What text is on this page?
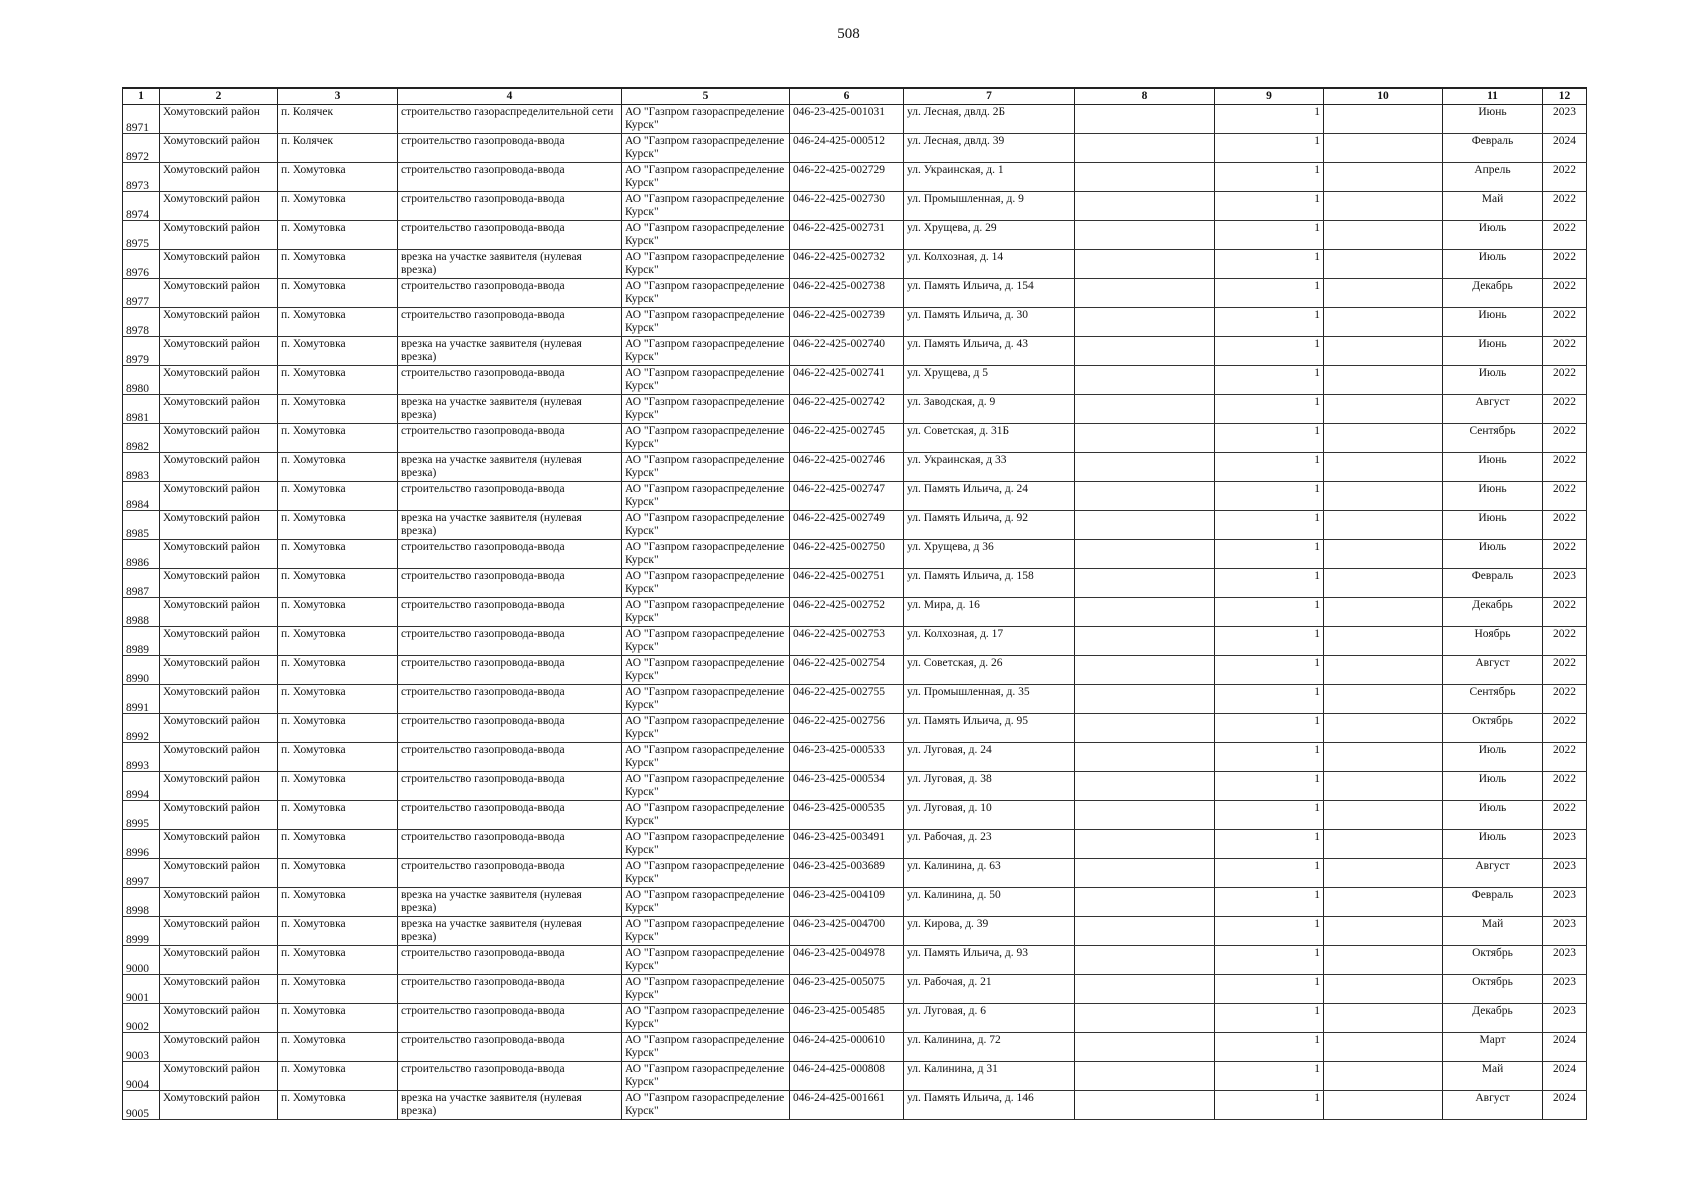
508
1	2	3	4	5	6	7	8	9	10	11	12
8971	Хомутовский район	п. Колячек	строительство газораспределительной сети	АО "Газпром газораспределение Курск"	046-23-425-001031	ул. Лесная, двлд. 2Б		1		Июнь	2023
8972	Хомутовский район	п. Колячек	строительство газопровода-ввода	АО "Газпром газораспределение Курск"	046-24-425-000512	ул. Лесная, двлд. 39		1		Февраль	2024
8973	Хомутовский район	п. Хомутовка	строительство газопровода-ввода	АО "Газпром газораспределение Курск"	046-22-425-002729	ул. Украинская, д. 1		1		Апрель	2022
8974	Хомутовский район	п. Хомутовка	строительство газопровода-ввода	АО "Газпром газораспределение Курск"	046-22-425-002730	ул. Промышленная, д. 9		1		Май	2022
8975	Хомутовский район	п. Хомутовка	строительство газопровода-ввода	АО "Газпром газораспределение Курск"	046-22-425-002731	ул. Хрущева, д. 29		1		Июль	2022
8976	Хомутовский район	п. Хомутовка	врезка на участке заявителя (нулевая врезка)	АО "Газпром газораспределение Курск"	046-22-425-002732	ул. Колхозная, д. 14		1		Июль	2022
8977	Хомутовский район	п. Хомутовка	строительство газопровода-ввода	АО "Газпром газораспределение Курск"	046-22-425-002738	ул. Память Ильича, д. 154		1		Декабрь	2022
8978	Хомутовский район	п. Хомутовка	строительство газопровода-ввода	АО "Газпром газораспределение Курск"	046-22-425-002739	ул. Память Ильича, д. 30		1		Июнь	2022
8979	Хомутовский район	п. Хомутовка	врезка на участке заявителя (нулевая врезка)	АО "Газпром газораспределение Курск"	046-22-425-002740	ул. Память Ильича, д. 43		1		Июнь	2022
8980	Хомутовский район	п. Хомутовка	строительство газопровода-ввода	АО "Газпром газораспределение Курск"	046-22-425-002741	ул. Хрущева, д 5		1		Июль	2022
8981	Хомутовский район	п. Хомутовка	врезка на участке заявителя (нулевая врезка)	АО "Газпром газораспределение Курск"	046-22-425-002742	ул. Заводская, д. 9		1		Август	2022
8982	Хомутовский район	п. Хомутовка	строительство газопровода-ввода	АО "Газпром газораспределение Курск"	046-22-425-002745	ул. Советская, д. 31Б		1		Сентябрь	2022
8983	Хомутовский район	п. Хомутовка	врезка на участке заявителя (нулевая врезка)	АО "Газпром газораспределение Курск"	046-22-425-002746	ул. Украинская, д 33		1		Июнь	2022
8984	Хомутовский район	п. Хомутовка	строительство газопровода-ввода	АО "Газпром газораспределение Курск"	046-22-425-002747	ул. Память Ильича, д. 24		1		Июнь	2022
8985	Хомутовский район	п. Хомутовка	врезка на участке заявителя (нулевая врезка)	АО "Газпром газораспределение Курск"	046-22-425-002749	ул. Память Ильича, д. 92		1		Июнь	2022
8986	Хомутовский район	п. Хомутовка	строительство газопровода-ввода	АО "Газпром газораспределение Курск"	046-22-425-002750	ул. Хрущева, д 36		1		Июль	2022
8987	Хомутовский район	п. Хомутовка	строительство газопровода-ввода	АО "Газпром газораспределение Курск"	046-22-425-002751	ул. Память Ильича, д. 158		1		Февраль	2023
8988	Хомутовский район	п. Хомутовка	строительство газопровода-ввода	АО "Газпром газораспределение Курск"	046-22-425-002752	ул. Мира, д. 16		1		Декабрь	2022
8989	Хомутовский район	п. Хомутовка	строительство газопровода-ввода	АО "Газпром газораспределение Курск"	046-22-425-002753	ул. Колхозная, д. 17		1		Ноябрь	2022
8990	Хомутовский район	п. Хомутовка	строительство газопровода-ввода	АО "Газпром газораспределение Курск"	046-22-425-002754	ул. Советская, д. 26		1		Август	2022
8991	Хомутовский район	п. Хомутовка	строительство газопровода-ввода	АО "Газпром газораспределение Курск"	046-22-425-002755	ул. Промышленная, д. 35		1		Сентябрь	2022
8992	Хомутовский район	п. Хомутовка	строительство газопровода-ввода	АО "Газпром газораспределение Курск"	046-22-425-002756	ул. Память Ильича, д. 95		1		Октябрь	2022
8993	Хомутовский район	п. Хомутовка	строительство газопровода-ввода	АО "Газпром газораспределение Курск"	046-23-425-000533	ул. Луговая, д. 24		1		Июль	2022
8994	Хомутовский район	п. Хомутовка	строительство газопровода-ввода	АО "Газпром газораспределение Курск"	046-23-425-000534	ул. Луговая, д. 38		1		Июль	2022
8995	Хомутовский район	п. Хомутовка	строительство газопровода-ввода	АО "Газпром газораспределение Курск"	046-23-425-000535	ул. Луговая, д. 10		1		Июль	2022
8996	Хомутовский район	п. Хомутовка	строительство газопровода-ввода	АО "Газпром газораспределение Курск"	046-23-425-003491	ул. Рабочая, д. 23		1		Июль	2023
8997	Хомутовский район	п. Хомутовка	строительство газопровода-ввода	АО "Газпром газораспределение Курск"	046-23-425-003689	ул. Калинина, д. 63		1		Август	2023
8998	Хомутовский район	п. Хомутовка	врезка на участке заявителя (нулевая врезка)	АО "Газпром газораспределение Курск"	046-23-425-004109	ул. Калинина, д. 50		1		Февраль	2023
8999	Хомутовский район	п. Хомутовка	врезка на участке заявителя (нулевая врезка)	АО "Газпром газораспределение Курск"	046-23-425-004700	ул. Кирова, д. 39		1		Май	2023
9000	Хомутовский район	п. Хомутовка	строительство газопровода-ввода	АО "Газпром газораспределение Курск"	046-23-425-004978	ул. Память Ильича, д. 93		1		Октябрь	2023
9001	Хомутовский район	п. Хомутовка	строительство газопровода-ввода	АО "Газпром газораспределение Курск"	046-23-425-005075	ул. Рабочая, д. 21		1		Октябрь	2023
9002	Хомутовский район	п. Хомутовка	строительство газопровода-ввода	АО "Газпром газораспределение Курск"	046-23-425-005485	ул. Луговая, д. 6		1		Декабрь	2023
9003	Хомутовский район	п. Хомутовка	строительство газопровода-ввода	АО "Газпром газораспределение Курск"	046-24-425-000610	ул. Калинина, д. 72		1		Март	2024
9004	Хомутовский район	п. Хомутовка	строительство газопровода-ввода	АО "Газпром газораспределение Курск"	046-24-425-000808	ул. Калинина, д 31		1		Май	2024
9005	Хомутовский район	п. Хомутовка	врезка на участке заявителя (нулевая врезка)	АО "Газпром газораспределение Курск"	046-24-425-001661	ул. Память Ильича, д. 146		1		Август	2024
